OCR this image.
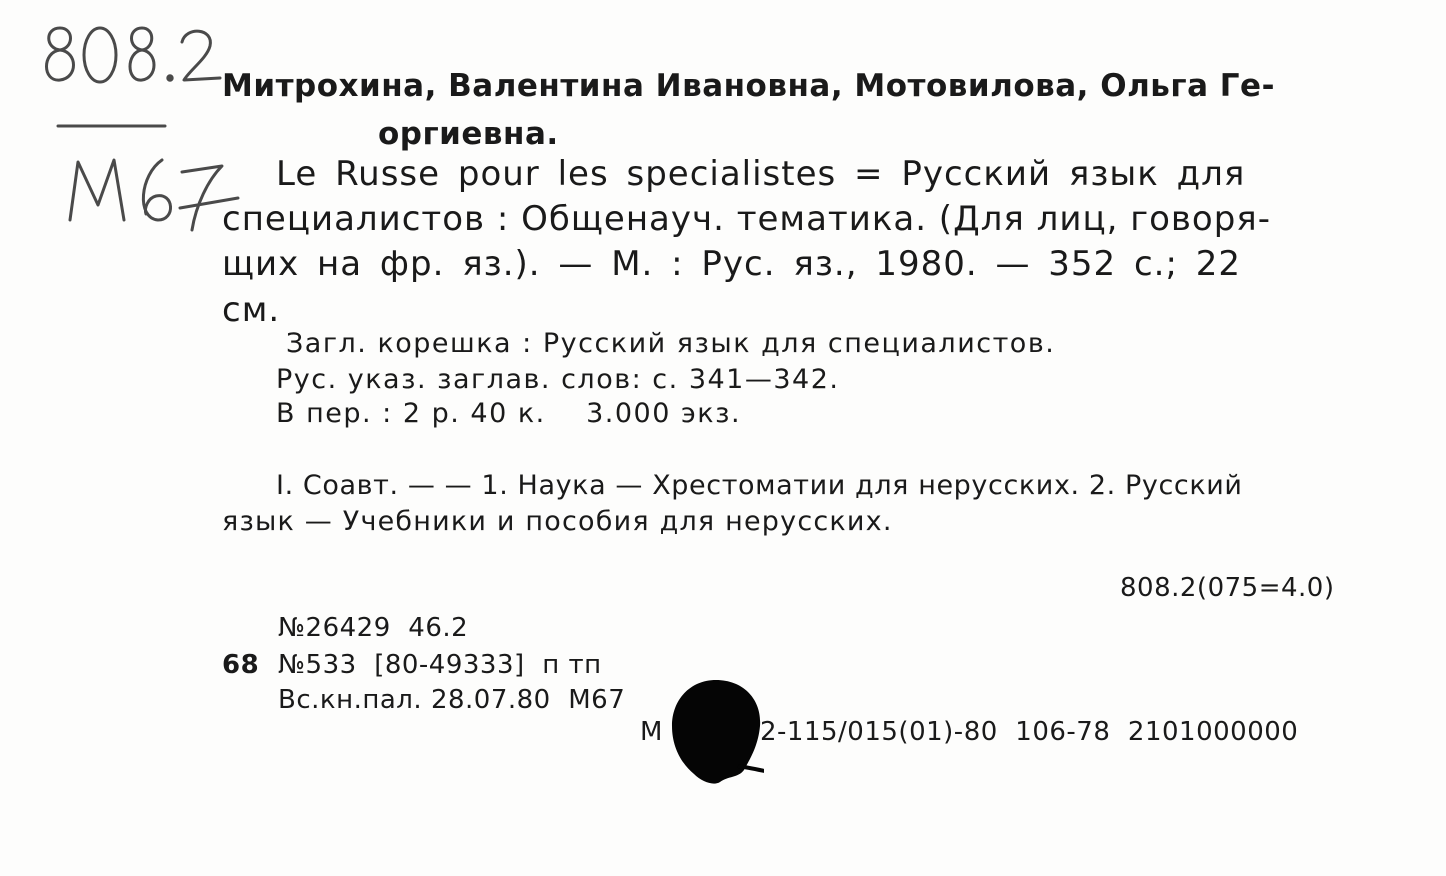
Митрохина, Валентина Ивановна, Мотовилова, Ольга Ге-
оргиевна.
Le Russe pour les specialistes = Русский язык для
специалистов : Общенауч. тематика. (Для лиц, говоря-
щих на фр. яз.). — М. : Рус. яз., 1980. — 352 с.; 22
см.
Загл. корешка : Русский язык для специалистов.
Рус. указ. заглав. слов: с. 341—342.
В пер. : 2 р. 40 к.    3.000 экз.
I. Соавт. — — 1. Наука — Хрестоматии для нерусских. 2. Русский
язык — Учебники и пособия для нерусских.
808.2(075=4.0)
№26429  46.2
68 №533  [80-49333]  п тп
Вс.кн.пал. 28.07.80  М67
М	2-115/015(01)-80  106-78  2101000000
